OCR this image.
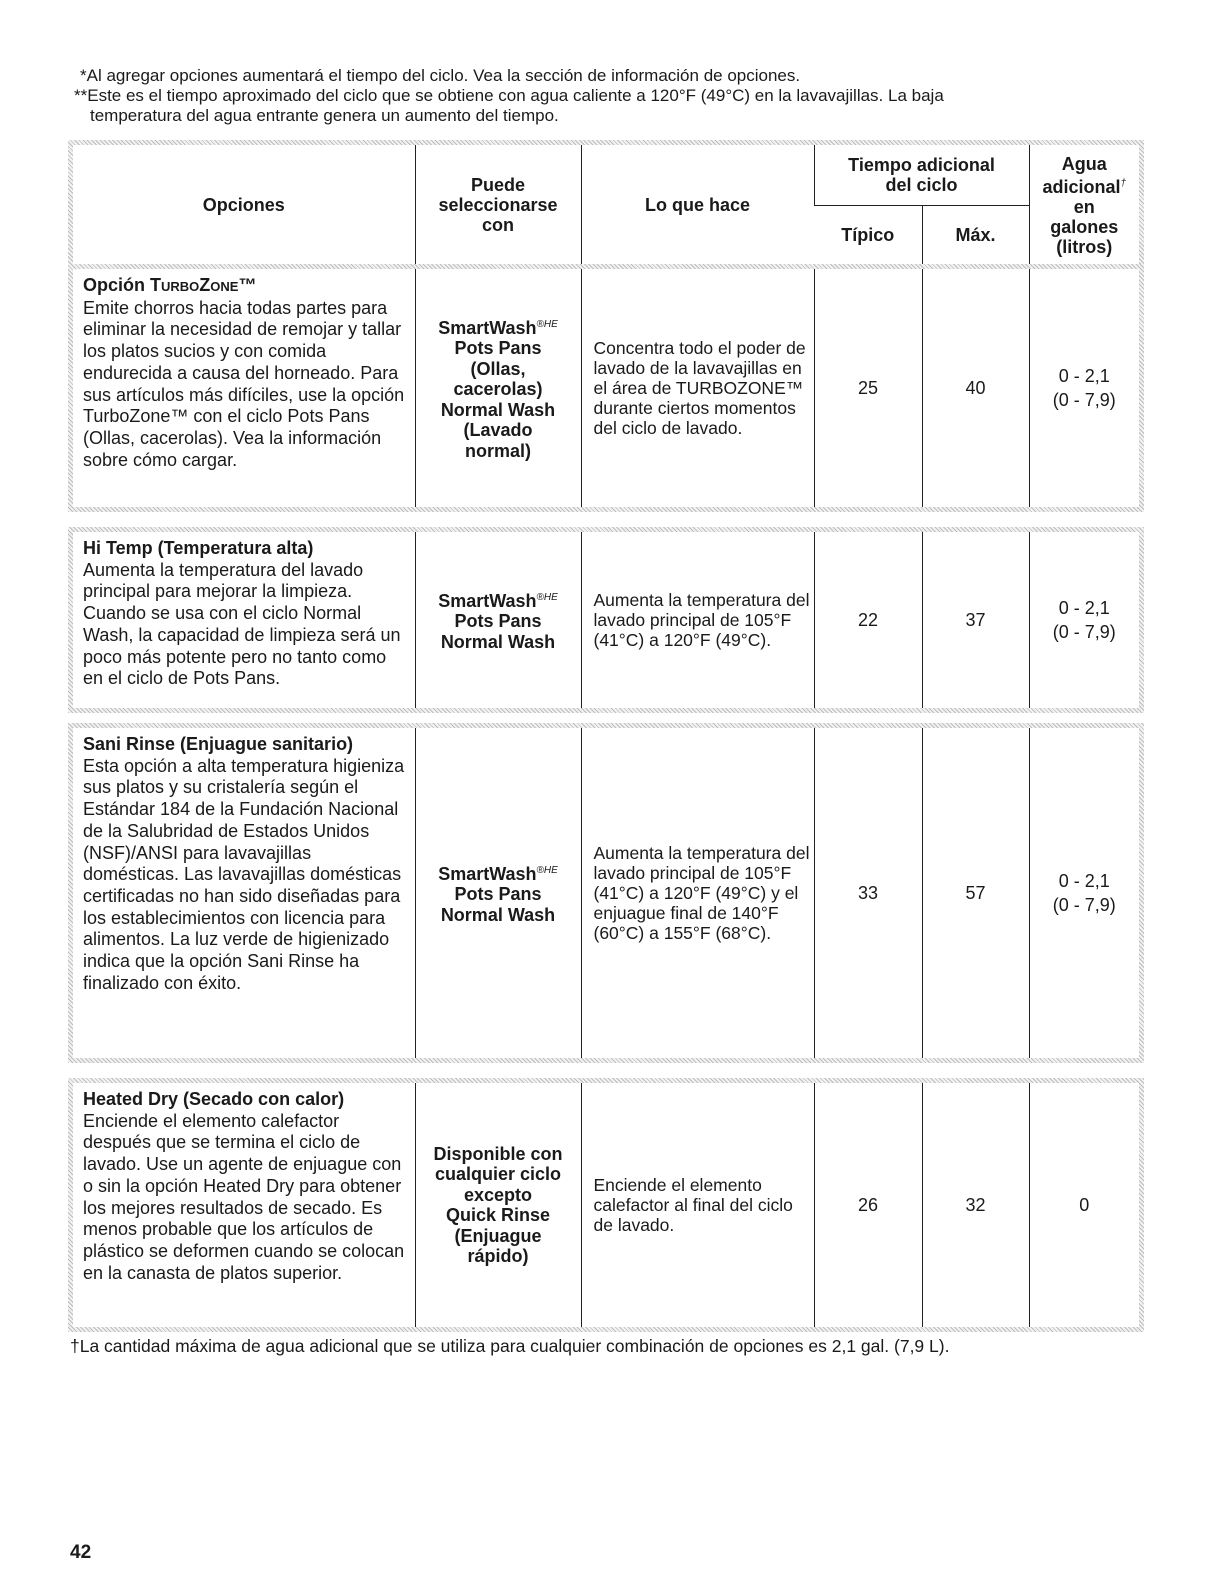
*Al agregar opciones aumentará el tiempo del ciclo. Vea la sección de información de opciones.
**Este es el tiempo aproximado del ciclo que se obtiene con agua caliente a 120°F (49°C) en la lavavajillas. La baja
temperatura del agua entrante genera un aumento del tiempo.
Opciones	Puede
seleccionarse
con	Lo que hace	Tiempo adicional
del ciclo		Agua
adicional†
en
galones
(litros)
			Típico	Máx.	
Opción TURBOZONE™
Emite chorros hacia todas partes para eliminar la necesidad de remojar y tallar los platos sucios y con comida endurecida a causa del horneado. Para sus artículos más difíciles, use la opción TurboZone™ con el ciclo Pots Pans (Ollas, cacerolas). Vea la información sobre cómo cargar.	SmartWash$^{®HE}$
Pots Pans
(Ollas,
cacerolas)
Normal Wash
(Lavado
normal)	Concentra todo el poder de lavado de la lavavajillas en el área de TURBOZONE™ durante ciertos momentos del ciclo de lavado.	25	40	0 - 2,1
(0 - 7,9)
Hi Temp (Temperatura alta)
Aumenta la temperatura del lavado principal para mejorar la limpieza. Cuando se usa con el ciclo Normal Wash, la capacidad de limpieza será un poco más potente pero no tanto como en el ciclo de Pots Pans.	SmartWash$^{®HE}$
Pots Pans
Normal Wash	Aumenta la temperatura del lavado principal de 105°F (41°C) a 120°F (49°C).	22	37	0 - 2,1
(0 - 7,9)
Sani Rinse (Enjuague sanitario)
Esta opción a alta temperatura higieniza sus platos y su cristalería según el Estándar 184 de la Fundación Nacional de la Salubridad de Estados Unidos (NSF)/ANSI para lavavajillas domésticas. Las lavavajillas domésticas certificadas no han sido diseñadas para los establecimientos con licencia para alimentos. La luz verde de higienizado indica que la opción Sani Rinse ha finalizado con éxito.	SmartWash$^{®HE}$
Pots Pans
Normal Wash	Aumenta la temperatura del lavado principal de 105°F (41°C) a 120°F (49°C) y el enjuague final de 140°F (60°C) a 155°F (68°C).	33	57	0 - 2,1
(0 - 7,9)
Heated Dry (Secado con calor)
Enciende el elemento calefactor después que se termina el ciclo de lavado. Use un agente de enjuague con o sin la opción Heated Dry para obtener los mejores resultados de secado. Es menos probable que los artículos de plástico se deformen cuando se colocan en la canasta de platos superior.	Disponible con
cualquier ciclo
excepto
Quick Rinse
(Enjuague
rápido)	Enciende el elemento calefactor al final del ciclo de lavado.	26	32	0
†La cantidad máxima de agua adicional que se utiliza para cualquier combinación de opciones es 2,1 gal. (7,9 L).
42
